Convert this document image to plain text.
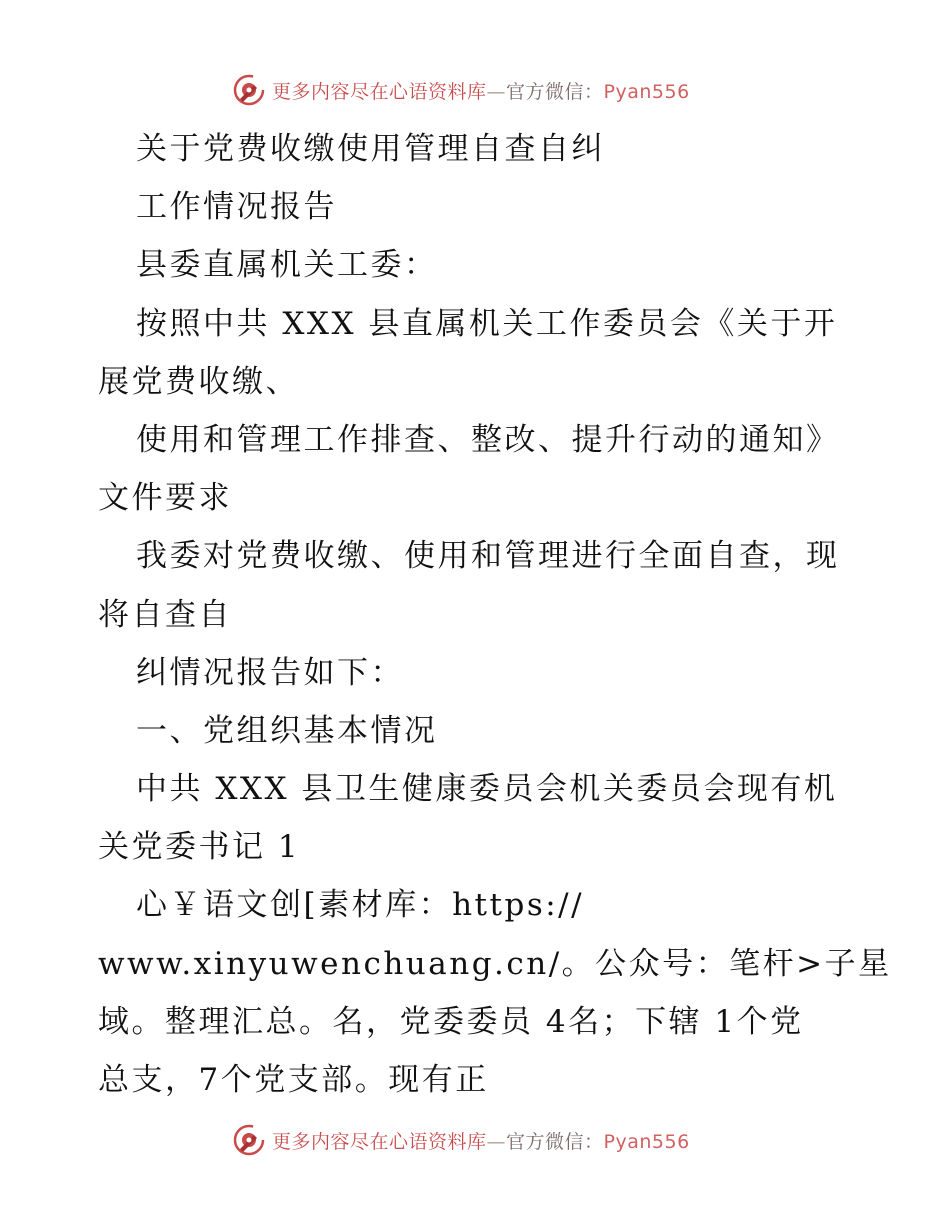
更多内容尽在心语资料库—官方微信：Pyan556
关于党费收缴使用管理自查自纠
工作情况报告
县委直属机关工委：
按照中共 XXX 县直属机关工作委员会《关于开
展党费收缴、
使用和管理工作排查、整改、提升行动的通知》
文件要求
我委对党费收缴、使用和管理进行全面自查，现
将自查自
纠情况报告如下：
一、党组织基本情况
中共 XXX 县卫生健康委员会机关委员会现有机
关党委书记 1
心￥语文创[素材库：https://
www.xinyuwenchuang.cn/。公众号：笔杆>子星
域。整理汇总。名，党委委员 4名；下辖 1个党
总支，7个党支部。现有正
更多内容尽在心语资料库—官方微信：Pyan556
